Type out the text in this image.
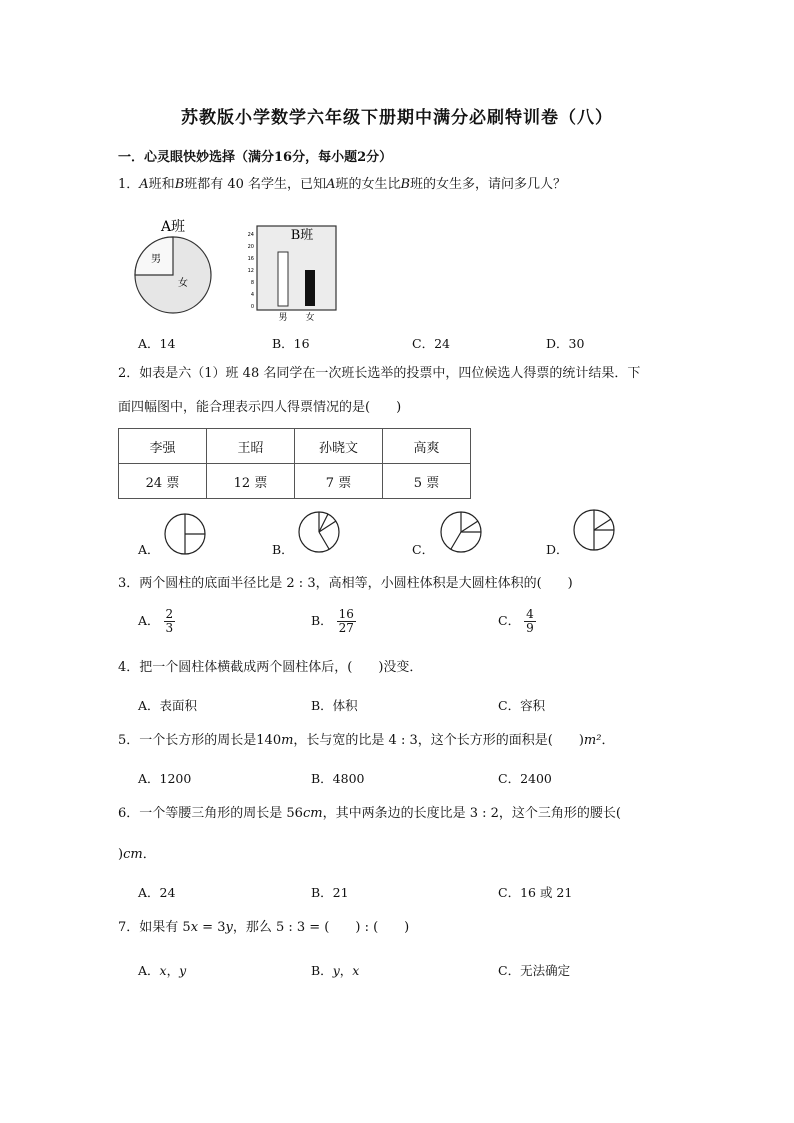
苏教版小学数学六年级下册期中满分必刷特训卷（八）
一．心灵眼快妙选择（满分16分，每小题2分）
1．A班和B班都有 40 名学生，已知A班的女生比B班的女生多，请问多几人？
A班
男
女
B班
24
20
16
12
8
4
0
男 女
A．14	B．16	C．24	D．30
2．如表是六（1）班 48 名同学在一次班长选举的投票中，四位候选人得票的统计结果．下
面四幅图中，能合理表示四人得票情况的是(　　)
李强	王昭	孙晓文	高爽
24 票	12 票	7 票	5 票
A．	B．	C．	D．
3．两个圆柱的底面半径比是 2 : 3，高相等，小圆柱体积是大圆柱体积的(　　)
A． $\frac{2}{3}$	B． $\frac{16}{27}$	C． $\frac{4}{9}$
4．把一个圆柱体横截成两个圆柱体后，(　　)没变．
A．表面积	B．体积	C．容积
5．一个长方形的周长是140m，长与宽的比是 4 : 3，这个长方形的面积是(　　)m²．
A．1200	B．4800	C．2400
6．一个等腰三角形的周长是 56cm，其中两条边的长度比是 3 : 2，这个三角形的腰长(
)cm．
A．24	B．21	C．16 或 21
7．如果有 5x = 3y，那么 5 : 3 = (　　) : (　　)
A．x，y	B．y，x	C．无法确定
